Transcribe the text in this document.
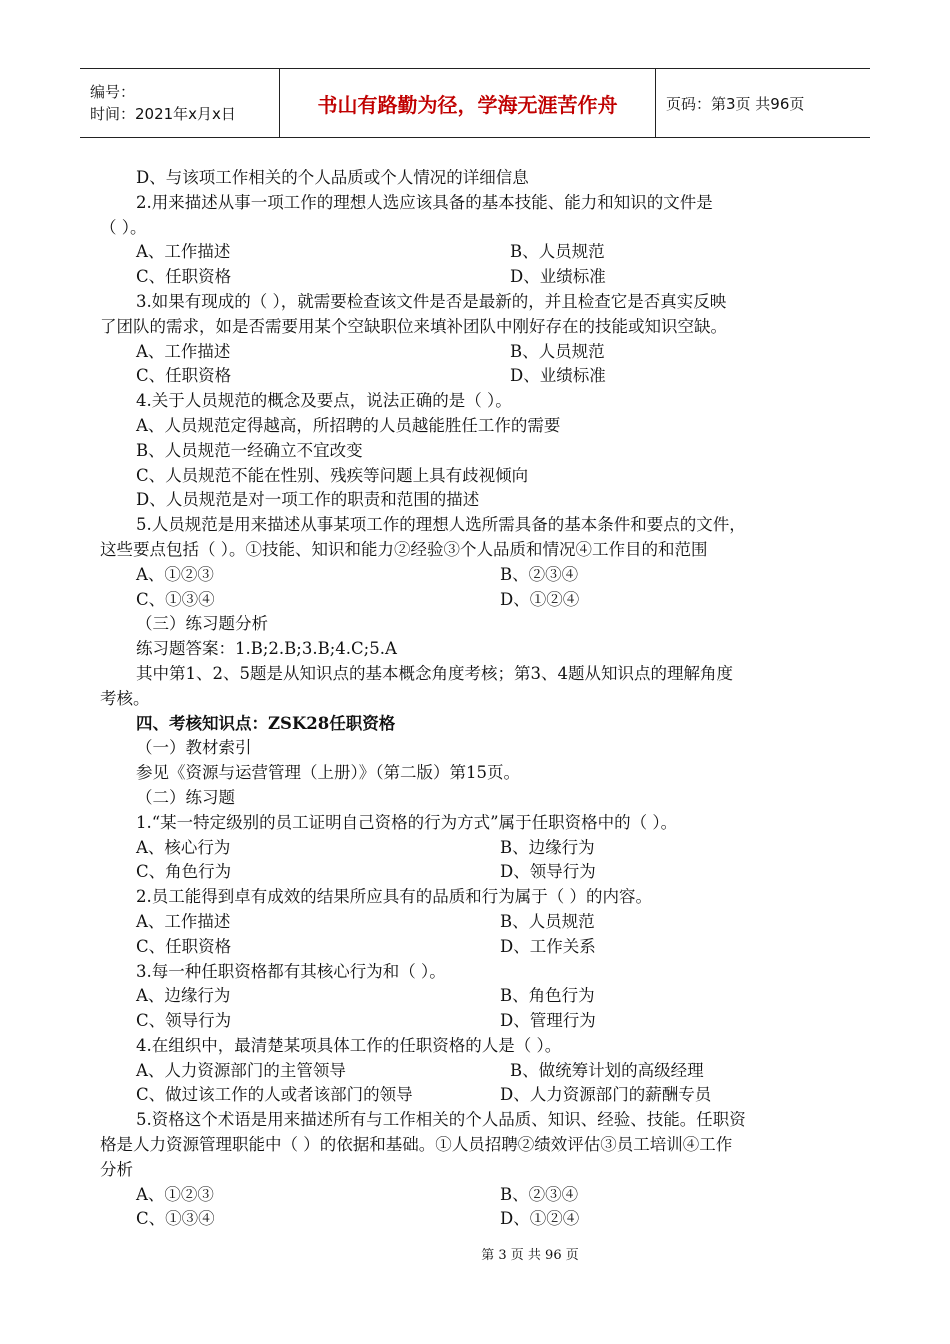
编号：
时间：2021年x月x日	书山有路勤为径，学海无涯苦作舟	页码：第3页 共96页
D、与该项工作相关的个人品质或个人情况的详细信息
2.用来描述从事一项工作的理想人选应该具备的基本技能、能力和知识的文件是
（ ）。
A、工作描述	B、人员规范
C、任职资格	D、业绩标准
3.如果有现成的（ ），就需要检查该文件是否是最新的，并且检查它是否真实反映
了团队的需求，如是否需要用某个空缺职位来填补团队中刚好存在的技能或知识空缺。
A、工作描述	B、人员规范
C、任职资格	D、业绩标准
4.关于人员规范的概念及要点，说法正确的是（ ）。
A、人员规范定得越高，所招聘的人员越能胜任工作的需要
B、人员规范一经确立不宜改变
C、人员规范不能在性别、残疾等问题上具有歧视倾向
D、人员规范是对一项工作的职责和范围的描述
5.人员规范是用来描述从事某项工作的理想人选所需具备的基本条件和要点的文件，
这些要点包括（ ）。①技能、知识和能力②经验③个人品质和情况④工作目的和范围
A、①②③	B、②③④
C、①③④	D、①②④
（三）练习题分析
练习题答案：1.B;2.B;3.B;4.C;5.A
其中第1、2、5题是从知识点的基本概念角度考核；第3、4题从知识点的理解角度
考核。
四、考核知识点：ZSK28任职资格
（一）教材索引
参见《资源与运营管理（上册）》（第二版）第15页。
（二）练习题
1.“某一特定级别的员工证明自己资格的行为方式”属于任职资格中的（ ）。
A、核心行为	B、边缘行为
C、角色行为	D、领导行为
2.员工能得到卓有成效的结果所应具有的品质和行为属于（ ）的内容。
A、工作描述	B、人员规范
C、任职资格	D、工作关系
3.每一种任职资格都有其核心行为和（ ）。
A、边缘行为	B、角色行为
C、领导行为	D、管理行为
4.在组织中，最清楚某项具体工作的任职资格的人是（ ）。
A、人力资源部门的主管领导	B、做统筹计划的高级经理
C、做过该工作的人或者该部门的领导	D、人力资源部门的薪酬专员
5.资格这个术语是用来描述所有与工作相关的个人品质、知识、经验、技能。任职资
格是人力资源管理职能中（ ）的依据和基础。①人员招聘②绩效评估③员工培训④工作
分析
A、①②③	B、②③④
C、①③④	D、①②④
第 3 页 共 96 页
